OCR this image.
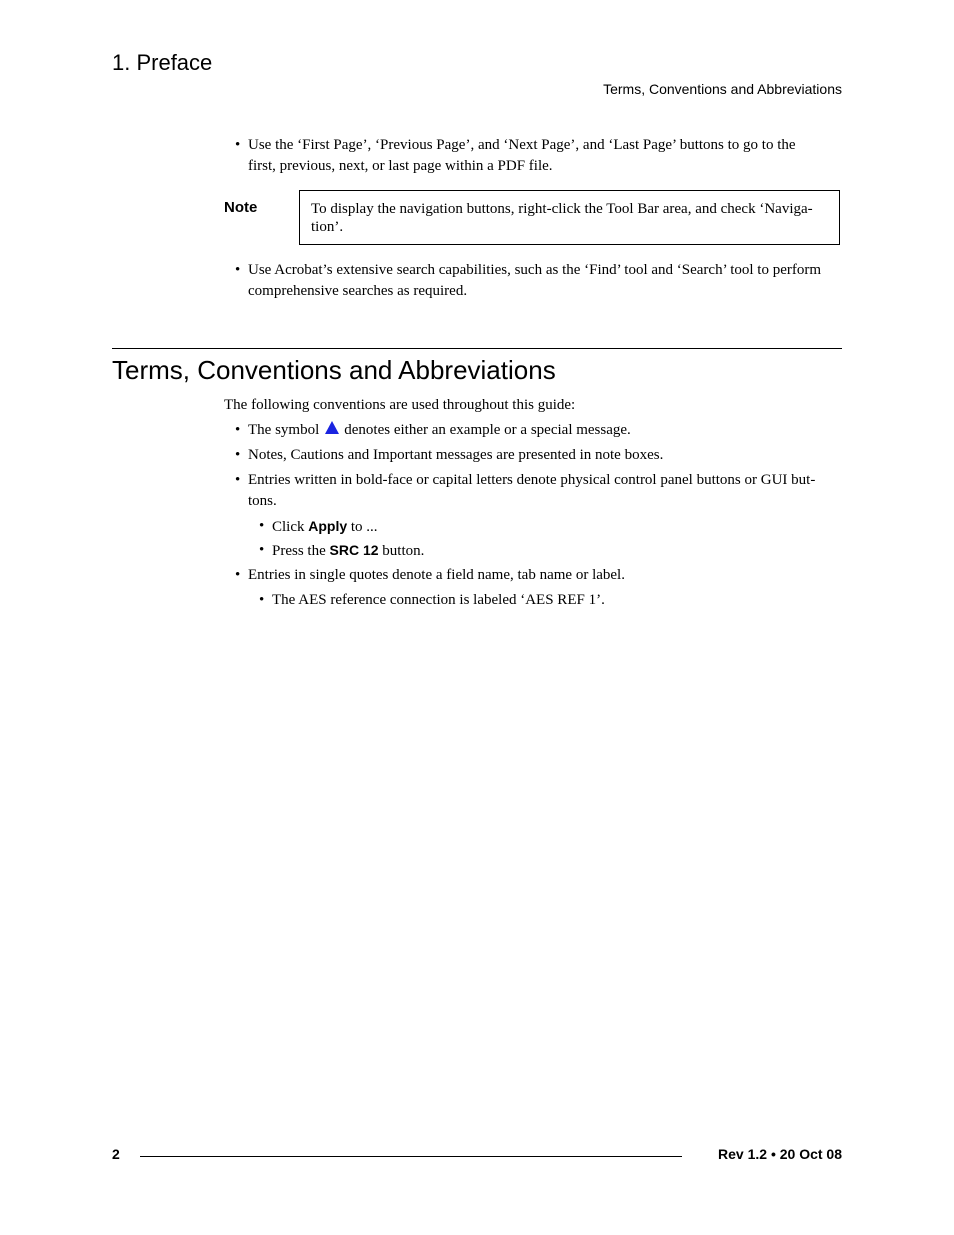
1. Preface
Terms, Conventions and Abbreviations
• Use the ‘First Page’, ‘Previous Page’, and ‘Next Page’, and ‘Last Page’ buttons to go to the
first, previous, next, or last page within a PDF file.
Note	To display the navigation buttons, right-click the Tool Bar area, and check ‘Naviga-
tion’.
• Use Acrobat’s extensive search capabilities, such as the ‘Find’ tool and ‘Search’ tool to perform
comprehensive searches as required.
Terms, Conventions and Abbreviations
The following conventions are used throughout this guide:
• The symbol denotes either an example or a special message.
• Notes, Cautions and Important messages are presented in note boxes.
• Entries written in bold-face or capital letters denote physical control panel buttons or GUI but-
tons.
• Click Apply to ...
• Press the SRC 12 button.
• Entries in single quotes denote a field name, tab name or label.
• The AES reference connection is labeled ‘AES REF 1’.
2	Rev 1.2 • 20 Oct 08
